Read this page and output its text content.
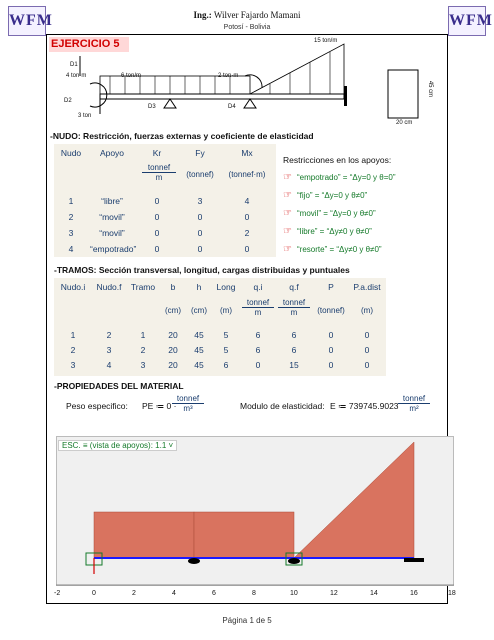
WFM	WFM
Ing.: Wilver Fajardo Mamani
Potosí - Bolivia
EJERCICIO 5	15 ton/m
D1
4 ton·m	6 ton/m	2 ton·m
D2
D3	D4
3 ton
45 cm
20 cm
-NUDO: Restricción, fuerzas externas y coeficiente de elasticidad
Nudo	Apoyo	Kr	Fy	Mx
tonnef
m	(tonnef)	(tonnef·m)
1	“libre”	0	3	4
2	“movil”	0	0	0
3	“movil”	0	0	2
4	“empotrado”	0	0	0
Restricciones en los apoyos:
☞ “empotrado” = “Δy=0 y θ=0”
☞ “fijo” = “Δy=0 y θ≠0”
☞ “movil” = “Δy=0 y θ≠0”
☞ “libre” = “Δy≠0 y θ≠0”
☞ “resorte” = “Δy≠0 y θ≠0”
-TRAMOS: Sección transversal, longitud, cargas distribuidas y puntuales
Nudo.i	Nudo.f	Tramo	b	h	Long	q.i	q.f	P	P.a.dist
(cm)	(cm)	(m)
tonnef
m
tonnef
m	(tonnef)	(m)
1	2	1	20	45	5	6	6	0	0
2	3	2	20	45	5	6	6	0	0
3	4	3	20	45	6	0	15	0	0
-PROPIEDADES DEL MATERIAL
Peso especifico: PE ≔ 0 ·
tonnef
m³	Modulo de elasticidad: E ≔ 739745.9023
tonnef
m²
ESC. ≡ (vista de apoyos): 1.1 ˅
-2	0	2	4	6	8	10	12	14	16	18
Página 1 de 5
